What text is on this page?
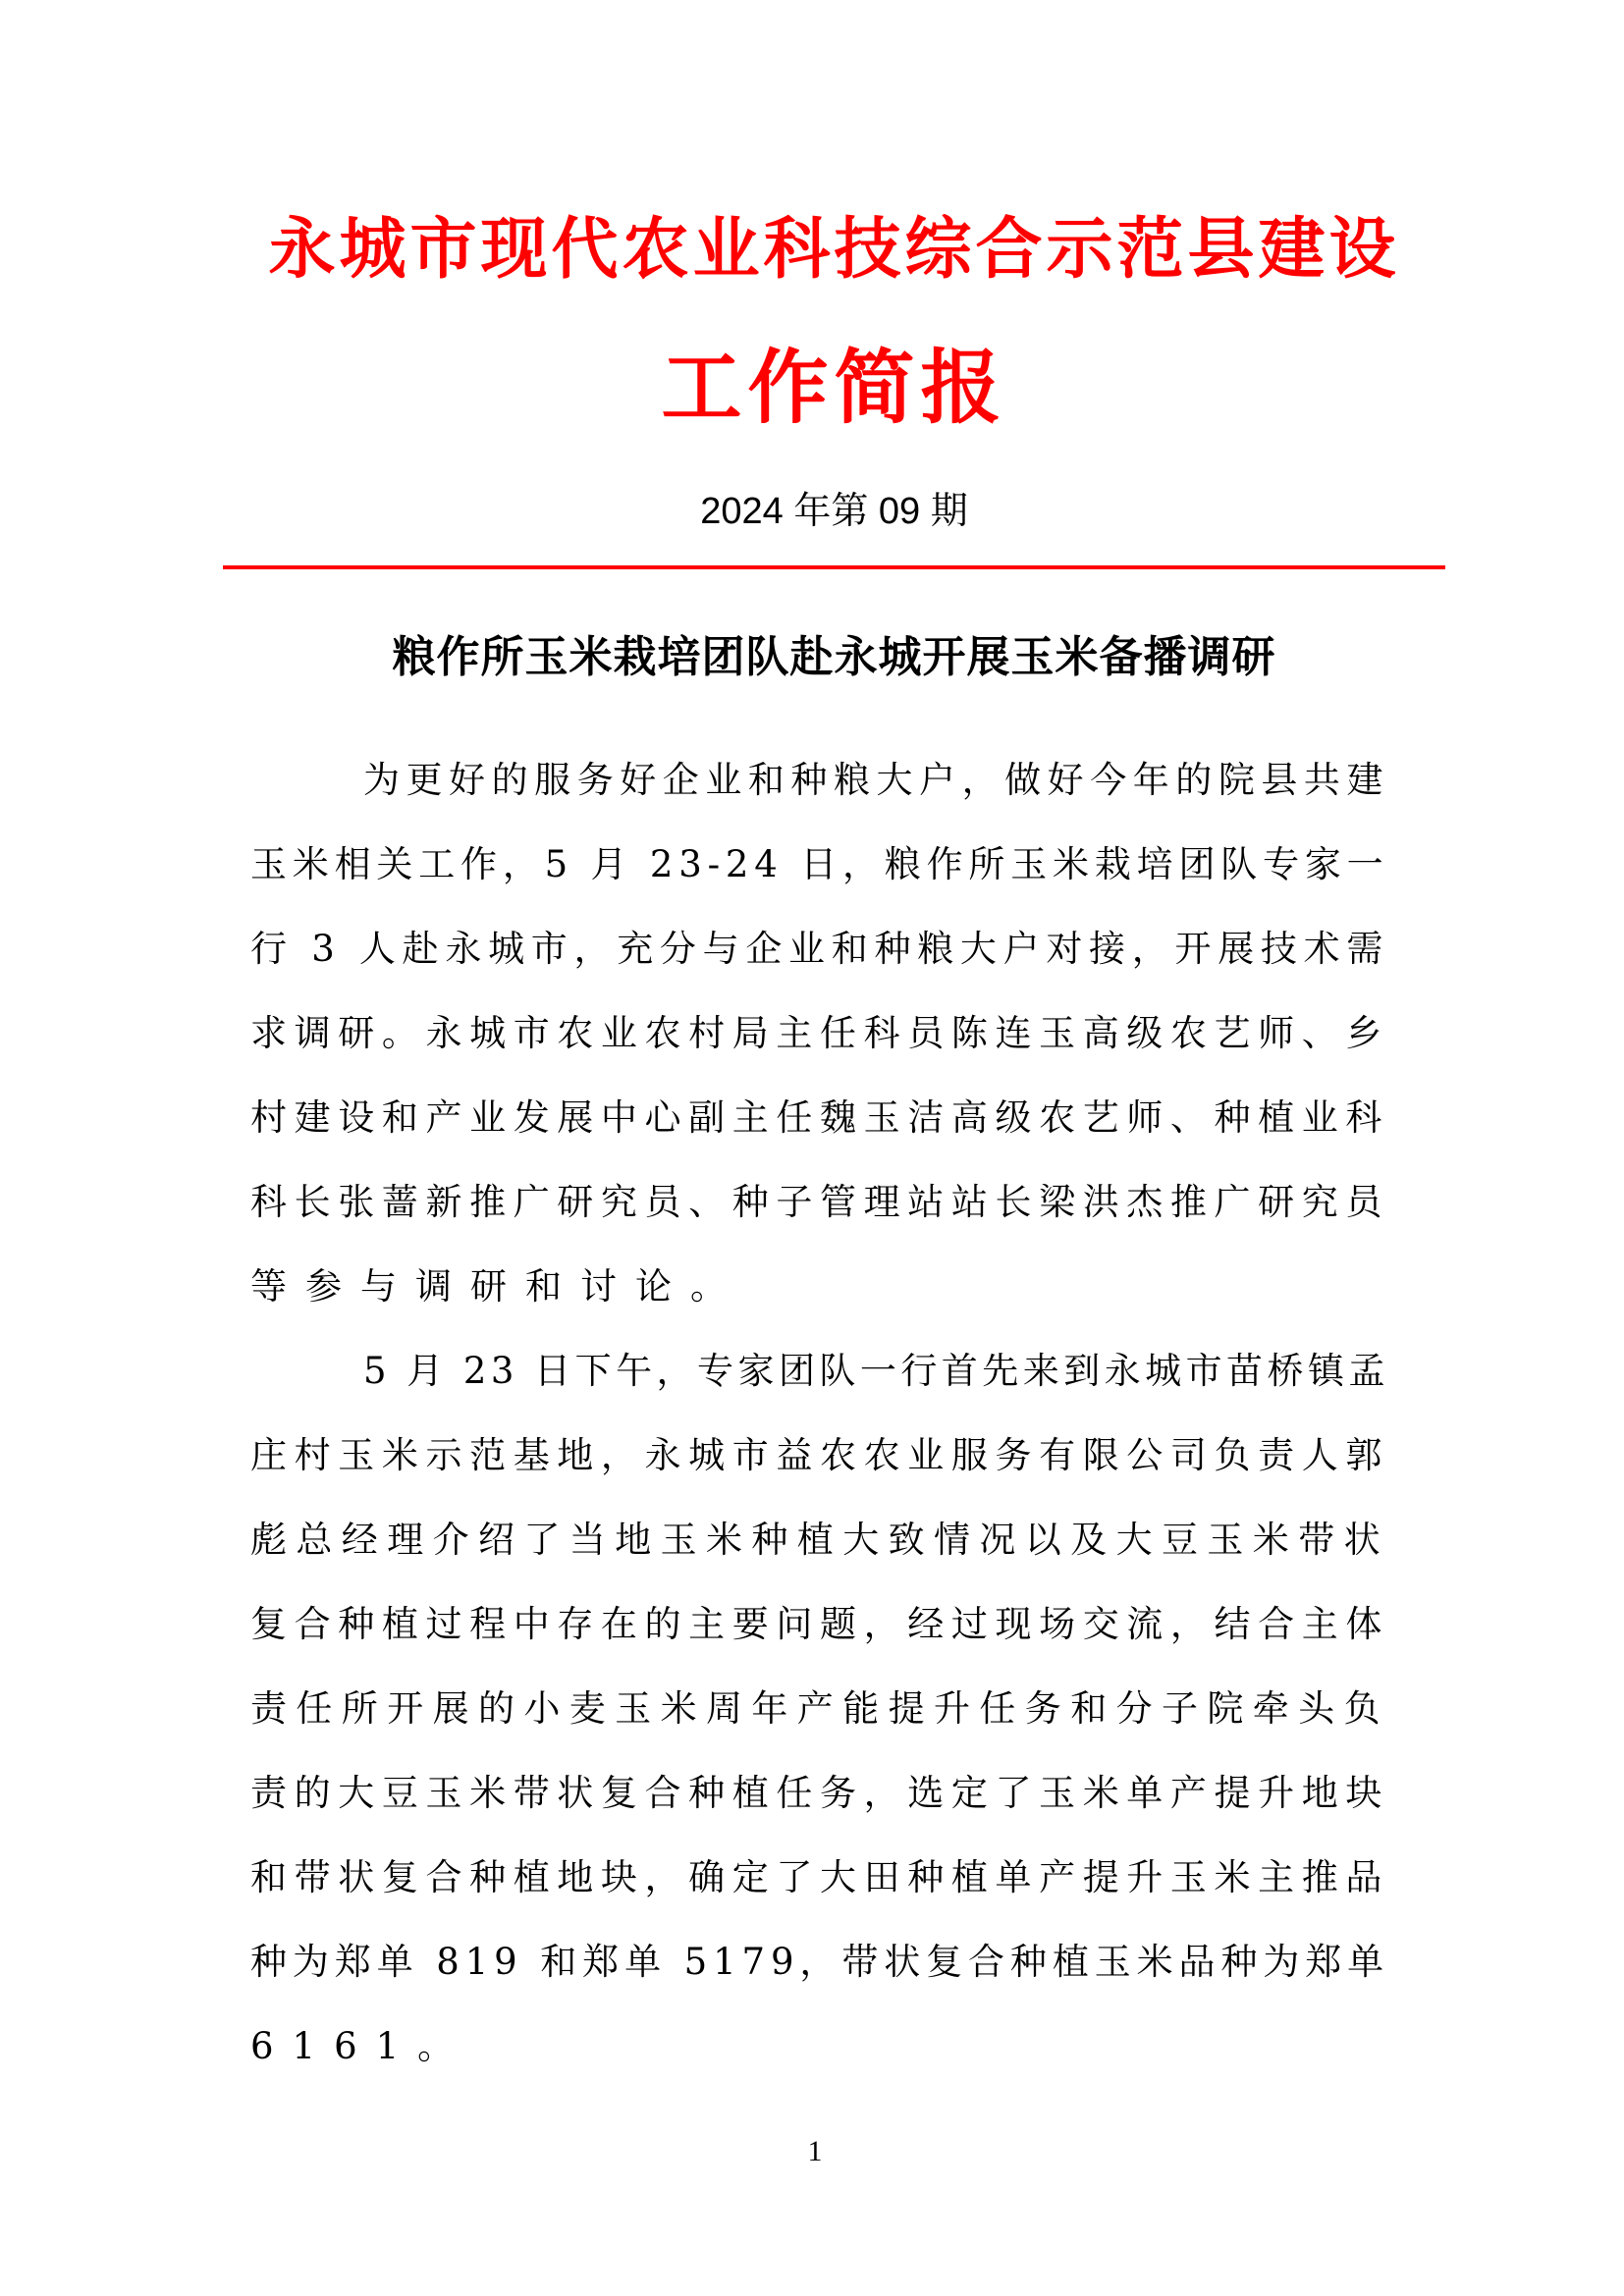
永城市现代农业科技综合示范县建设
工作简报
2024 年第 09 期
粮作所玉米栽培团队赴永城开展玉米备播调研
为更好的服务好企业和种粮大户，做好今年的院县共建
玉米相关工作，5 月 23-24 日，粮作所玉米栽培团队专家一
行 3 人赴永城市，充分与企业和种粮大户对接，开展技术需
求调研。永城市农业农村局主任科员陈连玉高级农艺师、乡
村建设和产业发展中心副主任魏玉洁高级农艺师、种植业科
科长张蔷新推广研究员、种子管理站站长梁洪杰推广研究员
等参与调研和讨论。
5 月 23 日下午，专家团队一行首先来到永城市苗桥镇孟
庄村玉米示范基地，永城市益农农业服务有限公司负责人郭
彪总经理介绍了当地玉米种植大致情况以及大豆玉米带状
复合种植过程中存在的主要问题，经过现场交流，结合主体
责任所开展的小麦玉米周年产能提升任务和分子院牵头负
责的大豆玉米带状复合种植任务，选定了玉米单产提升地块
和带状复合种植地块，确定了大田种植单产提升玉米主推品
种为郑单 819 和郑单 5179，带状复合种植玉米品种为郑单
6161。
1
